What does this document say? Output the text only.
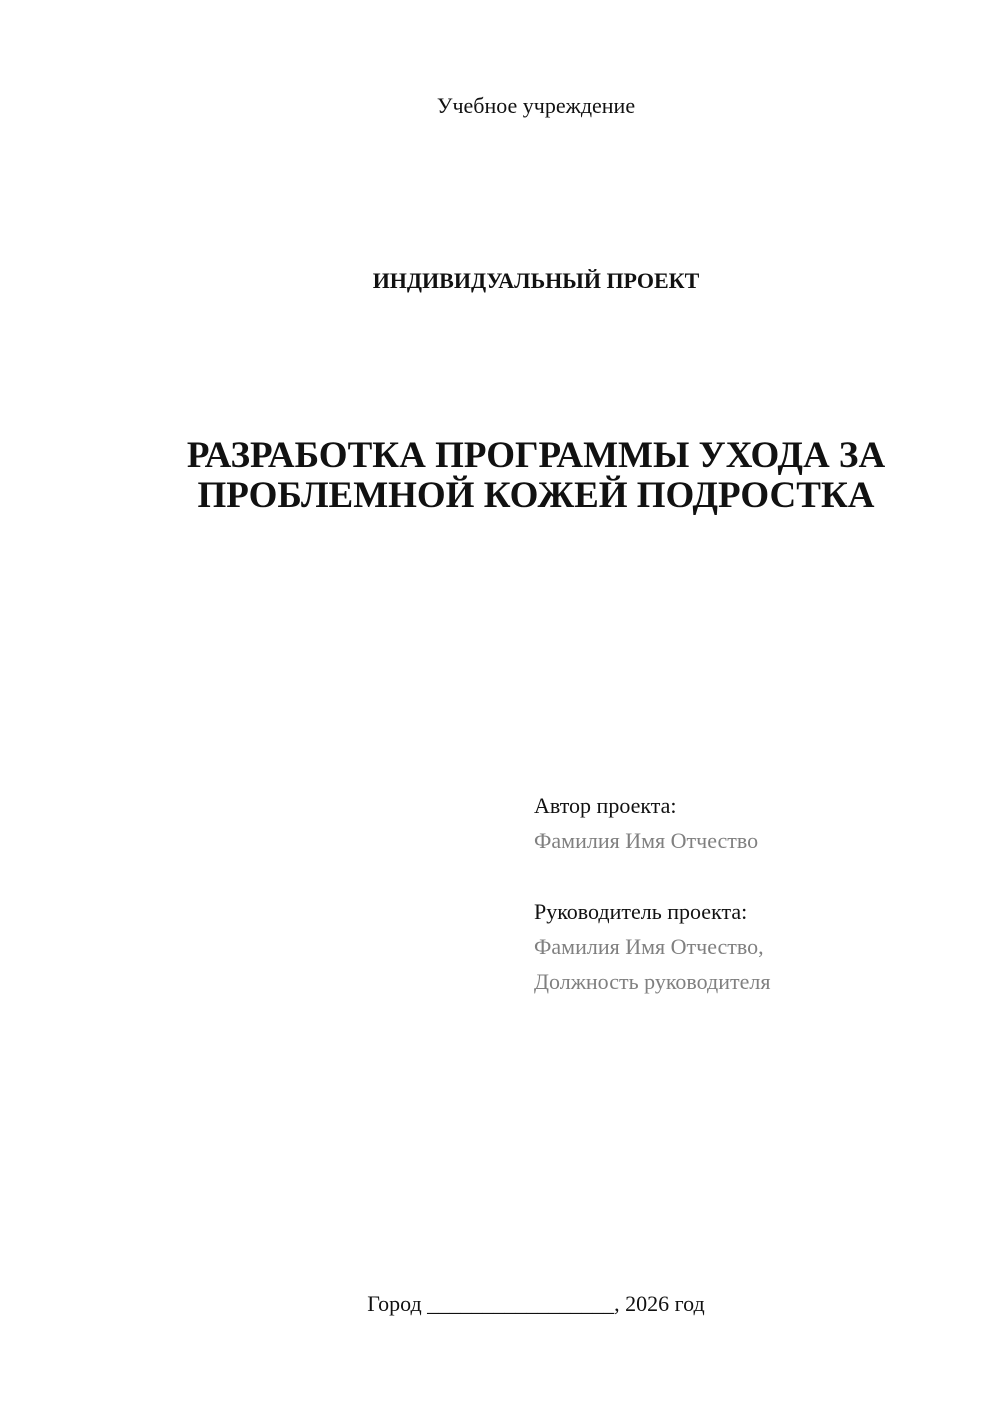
Учебное учреждение
ИНДИВИДУАЛЬНЫЙ ПРОЕКТ
РАЗРАБОТКА ПРОГРАММЫ УХОДА ЗА
ПРОБЛЕМНОЙ КОЖЕЙ ПОДРОСТКА
Автор проекта:
Фамилия Имя Отчество
Руководитель проекта:
Фамилия Имя Отчество,
Должность руководителя
Город _________________, 2026 год
